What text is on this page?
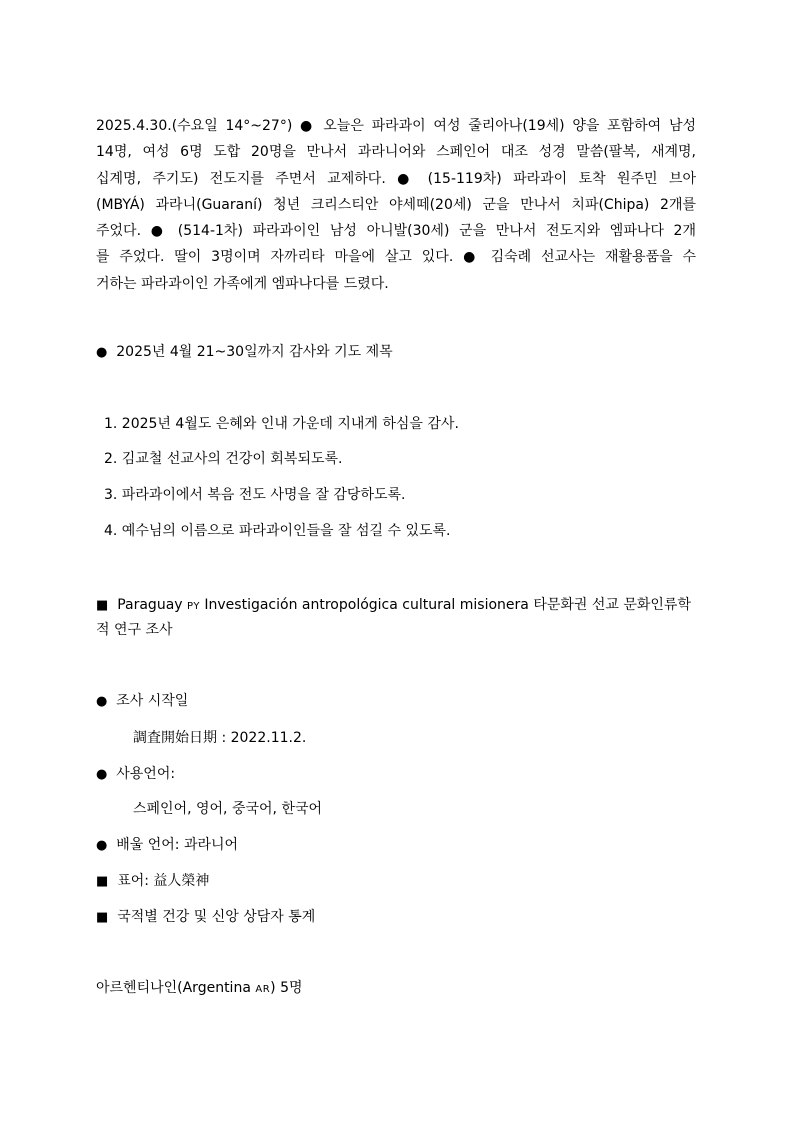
2025.4.30.(수요일 14°~27°) ● 오늘은 파라과이 여성 줄리아나(19세) 양을 포함하여 남성
14명, 여성 6명 도합 20명을 만나서 과라니어와 스페인어 대조 성경 말씀(팔복, 새계명,
십계명, 주기도) 전도지를 주면서 교제하다. ● (15-119차) 파라과이 토착 원주민 브아
(MBYÁ) 과라니(Guaraní) 청년 크리스티안 야세떼(20세) 군을 만나서 치파(Chipa) 2개를
주었다. ● (514-1차) 파라과이인 남성 아니발(30세) 군을 만나서 전도지와 엠파나다 2개
를 주었다. 딸이 3명이며 자까리타 마을에 살고 있다. ● 김숙례 선교사는 재활용품을 수
거하는 파라과이인 가족에게 엠파나다를 드렸다.
● 2025년 4월 21~30일까지 감사와 기도 제목
1. 2025년 4월도 은혜와 인내 가운데 지내게 하심을 감사.
2. 김교철 선교사의 건강이 회복되도록.
3. 파라과이에서 복음 전도 사명을 잘 감당하도록.
4. 예수님의 이름으로 파라과이인들을 잘 섬길 수 있도록.
■ Paraguay PY Investigación antropológica cultural misionera 타문화권 선교 문화인류학
적 연구 조사
● 조사 시작일
調査開始日期 : 2022.11.2.
● 사용언어:
스페인어, 영어, 중국어, 한국어
● 배울 언어: 과라니어
■ 표어: 益人榮神
■ 국적별 건강 및 신앙 상담자 통계
아르헨티나인(Argentina AR) 5명
